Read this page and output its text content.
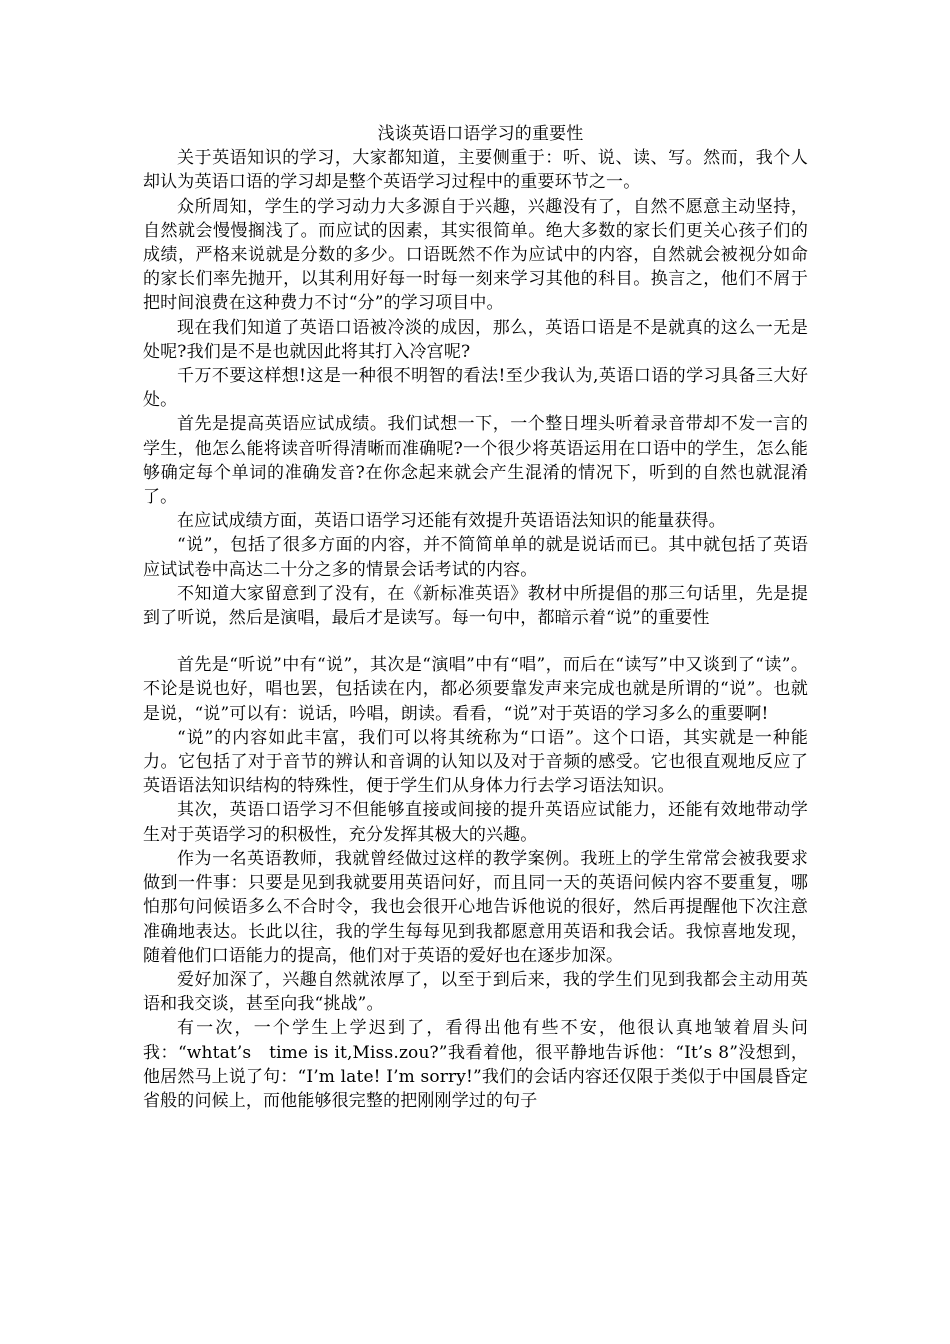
浅谈英语口语学习的重要性

关于英语知识的学习，大家都知道，主要侧重于：听、说、读、写。然而，我个人却认为英语口语的学习却是整个英语学习过程中的重要环节之一。

众所周知，学生的学习动力大多源自于兴趣，兴趣没有了，自然不愿意主动坚持，自然就会慢慢搁浅了。而应试的因素，其实很简单。绝大多数的家长们更关心孩子们的成绩，严格来说就是分数的多少。口语既然不作为应试中的内容，自然就会被视分如命的家长们率先抛开，以其利用好每一时每一刻来学习其他的科目。换言之，他们不屑于把时间浪费在这种费力不讨“分”的学习项目中。

现在我们知道了英语口语被冷淡的成因，那么，英语口语是不是就真的这么一无是处呢?我们是不是也就因此将其打入冷宫呢?

千万不要这样想!这是一种很不明智的看法!至少我认为,英语口语的学习具备三大好处。

首先是提高英语应试成绩。我们试想一下，一个整日埋头听着录音带却不发一言的学生，他怎么能将读音听得清晰而准确呢?一个很少将英语运用在口语中的学生，怎么能够确定每个单词的准确发音?在你念起来就会产生混淆的情况下，听到的自然也就混淆了。

在应试成绩方面，英语口语学习还能有效提升英语语法知识的能量获得。

“说”，包括了很多方面的内容，并不简简单单的就是说话而已。其中就包括了英语应试试卷中高达二十分之多的情景会话考试的内容。

不知道大家留意到了没有，在《新标准英语》教材中所提倡的那三句话里，先是提到了听说，然后是演唱，最后才是读写。每一句中，都暗示着“说”的重要性

首先是“听说”中有“说”，其次是“演唱”中有“唱”，而后在“读写”中又谈到了“读”。不论是说也好，唱也罢，包括读在内，都必须要靠发声来完成也就是所谓的“说”。也就是说，“说”可以有：说话，吟唱，朗读。看看，“说”对于英语的学习多么的重要啊!

“说”的内容如此丰富，我们可以将其统称为“口语”。这个口语，其实就是一种能力。它包括了对于音节的辨认和音调的认知以及对于音频的感受。它也很直观地反应了英语语法知识结构的特殊性，便于学生们从身体力行去学习语法知识。

其次，英语口语学习不但能够直接或间接的提升英语应试能力，还能有效地带动学生对于英语学习的积极性，充分发挥其极大的兴趣。

作为一名英语教师，我就曾经做过这样的教学案例。我班上的学生常常会被我要求做到一件事：只要是见到我就要用英语问好，而且同一天的英语问候内容不要重复，哪怕那句问候语多么不合时令，我也会很开心地告诉他说的很好，然后再提醒他下次注意准确地表达。长此以往，我的学生每每见到我都愿意用英语和我会话。我惊喜地发现，随着他们口语能力的提高，他们对于英语的爱好也在逐步加深。

爱好加深了，兴趣自然就浓厚了，以至于到后来，我的学生们见到我都会主动用英语和我交谈，甚至向我“挑战”。

有一次，一个学生上学迟到了，看得出他有些不安，他很认真地皱着眉头问我：“whtat’s　time is it,Miss.zou?”我看着他，很平静地告诉他：“It’s 8”没想到，他居然马上说了句：“I’m late! I’m sorry!”我们的会话内容还仅限于类似于中国晨昏定省般的问候上，而他能够很完整的把刚刚学过的句子
